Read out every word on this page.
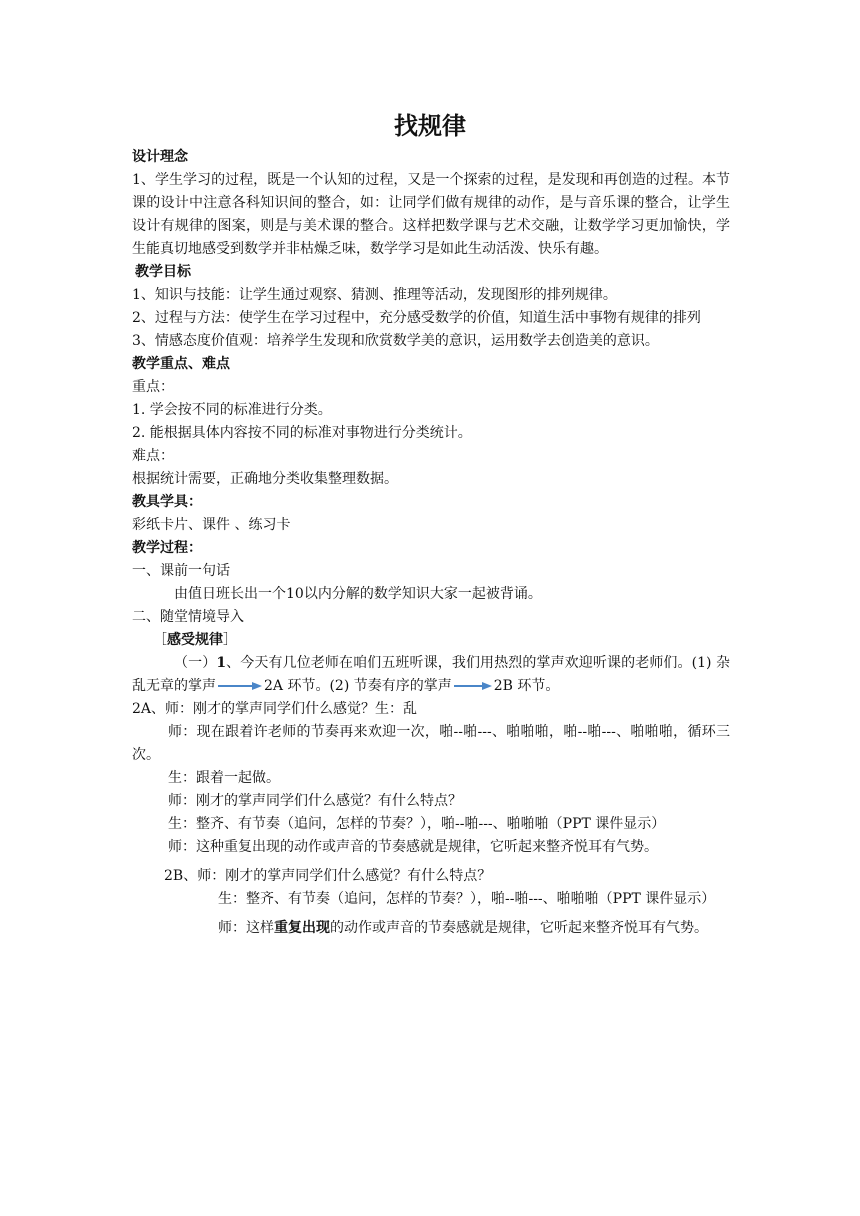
找规律

设计理念

1、学生学习的过程，既是一个认知的过程，又是一个探索的过程，是发现和再创造的过程。本节课的设计中注意各科知识间的整合，如：让同学们做有规律的动作，是与音乐课的整合，让学生设计有规律的图案，则是与美术课的整合。这样把数学课与艺术交融，让数学学习更加愉快，学生能真切地感受到数学并非枯燥乏味，数学学习是如此生动活泼、快乐有趣。

教学目标

1、知识与技能：让学生通过观察、猜测、推理等活动，发现图形的排列规律。

2、过程与方法：使学生在学习过程中，充分感受数学的价值，知道生活中事物有规律的排列

3、情感态度价值观：培养学生发现和欣赏数学美的意识，运用数学去创造美的意识。

教学重点、难点

重点：

1. 学会按不同的标准进行分类。

2. 能根据具体内容按不同的标准对事物进行分类统计。

难点：

根据统计需要，正确地分类收集整理数据。

教具学具：

彩纸卡片、课件 、练习卡

教学过程：

一、课前一句话

由值日班长出一个10以内分解的数学知识大家一起被背诵。

二、随堂情境导入

［感受规律］

（一）1、今天有几位老师在咱们五班听课，我们用热烈的掌声欢迎听课的老师们。(1) 杂乱无章的掌声	2A 环节。(2) 节奏有序的掌声	2B 环节。

2A、师：刚才的掌声同学们什么感觉？生：乱

师：现在跟着许老师的节奏再来欢迎一次，啪--啪---、啪啪啪，啪--啪---、啪啪啪，循环三次。

生：跟着一起做。

师：刚才的掌声同学们什么感觉？有什么特点？

生：整齐、有节奏（追问，怎样的节奏？），啪--啪---、啪啪啪（PPT 课件显示）

师：这种重复出现的动作或声音的节奏感就是规律，它听起来整齐悦耳有气势。

2B、师：刚才的掌声同学们什么感觉？有什么特点？

生：整齐、有节奏（追问，怎样的节奏？），啪--啪---、啪啪啪（PPT 课件显示）

师：这样重复出现的动作或声音的节奏感就是规律，它听起来整齐悦耳有气势。
